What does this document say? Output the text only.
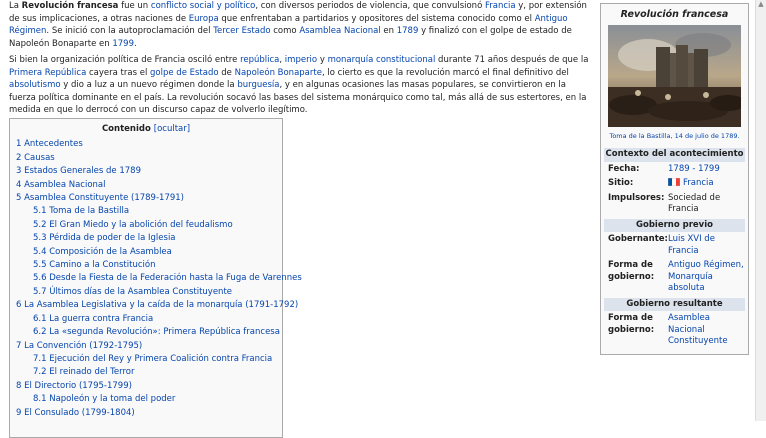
La Revolución francesa fue un conflicto social y político, con diversos periodos de violencia, que convulsionó Francia y, por extensión de sus implicaciones, a otras naciones de Europa que enfrentaban a partidarios y opositores del sistema conocido como el Antiguo Régimen. Se inició con la autoproclamación del Tercer Estado como Asamblea Nacional en 1789 y finalizó con el golpe de estado de Napoleón Bonaparte en 1799.

Si bien la organización política de Francia osciló entre república, imperio y monarquía constitucional durante 71 años después de que la Primera República cayera tras el golpe de Estado de Napoleón Bonaparte, lo cierto es que la revolución marcó el final definitivo del absolutismo y dio a luz a un nuevo régimen donde la burguesía, y en algunas ocasiones las masas populares, se convirtieron en la fuerza política dominante en el país. La revolución socavó las bases del sistema monárquico como tal, más allá de sus estertores, en la medida en que lo derrocó con un discurso capaz de volverlo ilegítimo.

Contenido [ocultar]
1 Antecedentes
2 Causas
3 Estados Generales de 1789
4 Asamblea Nacional
5 Asamblea Constituyente (1789-1791)
5.1 Toma de la Bastilla
5.2 El Gran Miedo y la abolición del feudalismo
5.3 Pérdida de poder de la Iglesia
5.4 Composición de la Asamblea
5.5 Camino a la Constitución
5.6 Desde la Fiesta de la Federación hasta la Fuga de Varennes
5.7 Últimos días de la Asamblea Constituyente
6 La Asamblea Legislativa y la caída de la monarquía (1791-1792)
6.1 La guerra contra Francia
6.2 La «segunda Revolución»: Primera República francesa
7 La Convención (1792-1795)
7.1 Ejecución del Rey y Primera Coalición contra Francia
7.2 El reinado del Terror
8 El Directorio (1795-1799)
8.1 Napoleón y la toma del poder
9 El Consulado (1799-1804)
Revolución francesa
Toma de la Bastilla, 14 de julio de 1789.
Contexto del acontecimiento
Fecha:	1789 - 1799
Sitio:	Francia
Impulsores: Sociedad de Francia
Gobierno previo
Gobernante: Luis XVI de Francia
Forma de gobierno:
Antiguo Régimen, Monarquía absoluta
Gobierno resultante
Forma de gobierno:
Asamblea Nacional Constituyente
▲
